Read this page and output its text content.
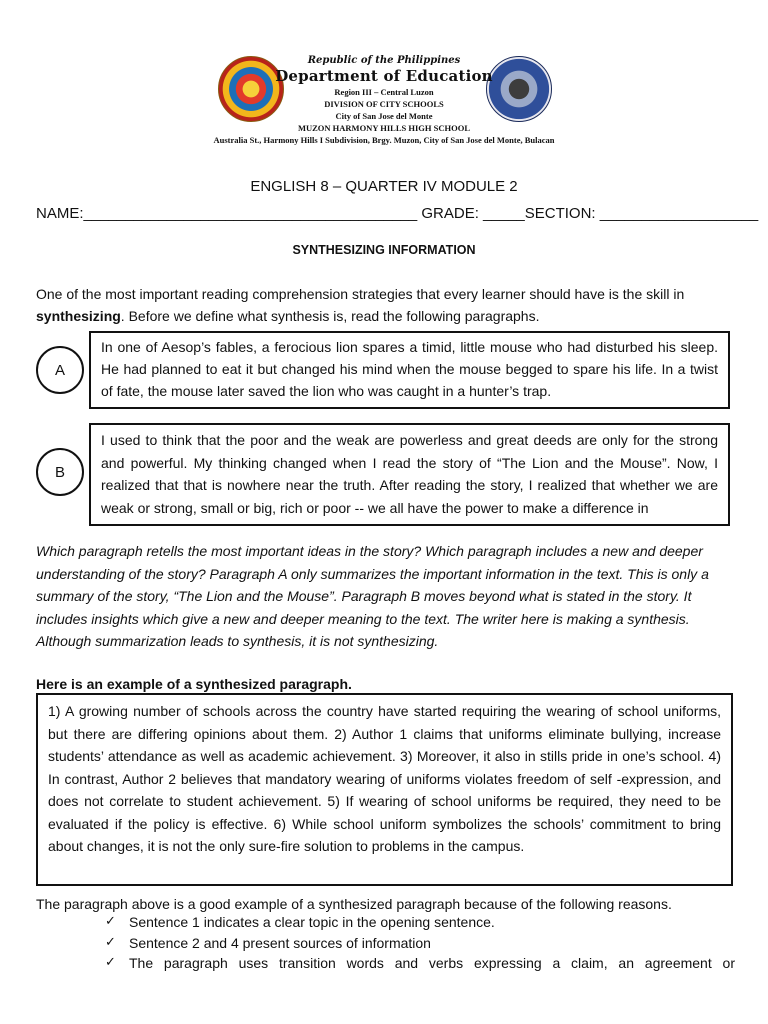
Republic of the Philippines
Department of Education
Region III – Central Luzon
DIVISION OF CITY SCHOOLS
City of San Jose del Monte
MUZON HARMONY HILLS HIGH SCHOOL
Australia St., Harmony Hills I Subdivision, Brgy. Muzon, City of San Jose del Monte, Bulacan
ENGLISH 8 – QUARTER IV MODULE 2
NAME:________________________________________ GRADE: _____SECTION: ___________________
SYNTHESIZING INFORMATION
One of the most important reading comprehension strategies that every learner should have is the skill in synthesizing. Before we define what synthesis is, read the following paragraphs.
A
In one of Aesop’s fables, a ferocious lion spares a timid, little mouse who had disturbed his sleep. He had planned to eat it but changed his mind when the mouse begged to spare his life. In a twist of fate, the mouse later saved the lion who was caught in a hunter’s trap.
B
I used to think that the poor and the weak are powerless and great deeds are only for the strong and powerful. My thinking changed when I read the story of “The Lion and the Mouse”. Now, I realized that that is nowhere near the truth. After reading the story, I realized that whether we are weak or strong, small or big, rich or poor -- we all have the power to make a difference in
Which paragraph retells the most important ideas in the story? Which paragraph includes a new and deeper understanding of the story? Paragraph A only summarizes the important information in the text. This is only a summary of the story, “The Lion and the Mouse”. Paragraph B moves beyond what is stated in the story. It includes insights which give a new and deeper meaning to the text. The writer here is making a synthesis. Although summarization leads to synthesis, it is not synthesizing.
Here is an example of a synthesized paragraph.
1) A growing number of schools across the country have started requiring the wearing of school uniforms, but there are differing opinions about them. 2) Author 1 claims that uniforms eliminate bullying, increase students’ attendance as well as academic achievement. 3) Moreover, it also in stills pride in one’s school. 4) In contrast, Author 2 believes that mandatory wearing of uniforms violates freedom of self -expression, and does not correlate to student achievement. 5) If wearing of school uniforms be required, they need to be evaluated if the policy is effective. 6) While school uniform symbolizes the schools’ commitment to bring about changes, it is not the only sure-fire solution to problems in the campus.
The paragraph above is a good example of a synthesized paragraph because of the following reasons.
✓ Sentence 1 indicates a clear topic in the opening sentence.
✓ Sentence 2 and 4 present sources of information
✓ The paragraph uses transition words and verbs expressing a claim, an agreement or
